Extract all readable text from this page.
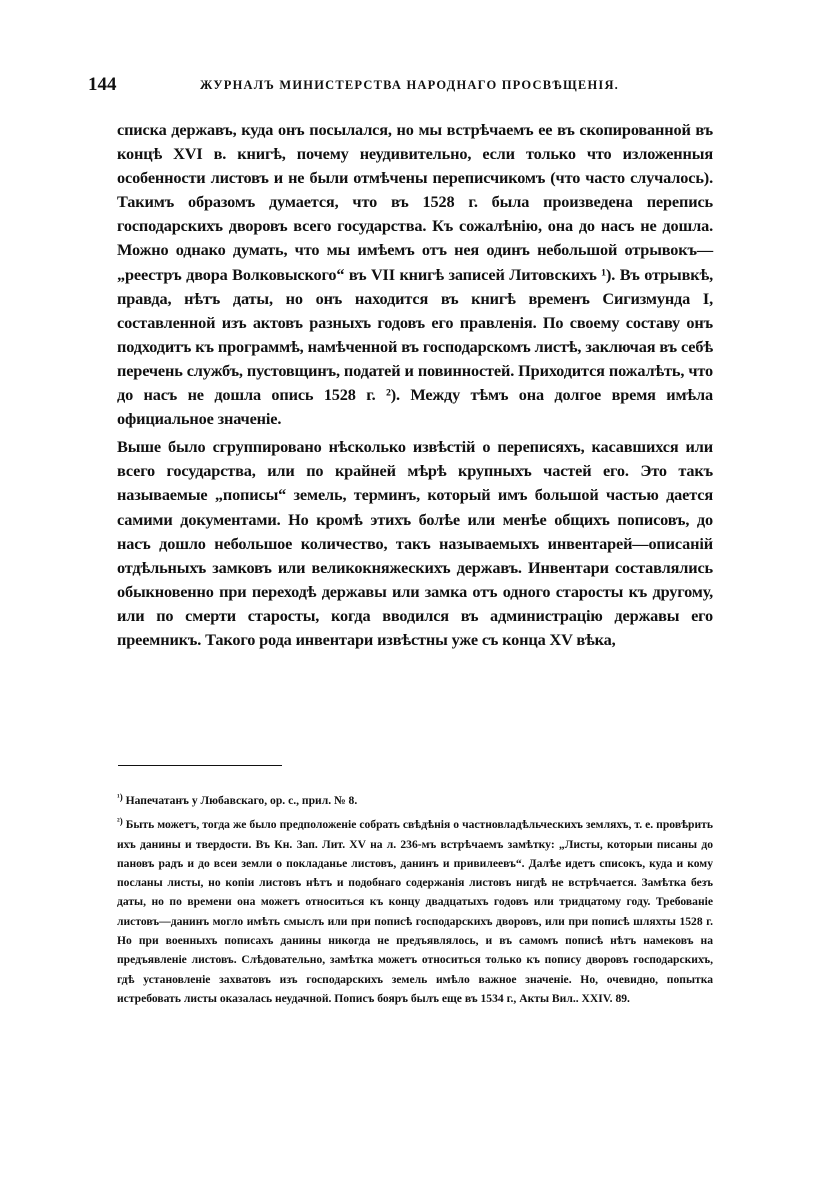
144	ЖУРНАЛЪ МИНИСТЕРСТВА НАРОДНАГО ПРОСВѢЩЕНІЯ.

списка державъ, куда онъ посылался, но мы встрѣчаемъ ее въ скопированной въ концѣ XVI в. книгѣ, почему неудивительно, если только что изложенныя особенности листовъ и не были отмѣчены переписчикомъ (что часто случалось). Такимъ образомъ думается, что въ 1528 г. была произведена перепись господарскихъ дворовъ всего государства. Къ сожалѣнію, она до насъ не дошла. Можно однако думать, что мы имѣемъ отъ нея одинъ небольшой отрывокъ—„реестръ двора Волковыского“ въ VII книгѣ записей Литовскихъ ¹). Въ отрывкѣ, правда, нѣтъ даты, но онъ находится въ книгѣ временъ Сигизмунда I, составленной изъ актовъ разныхъ годовъ его правленія. По своему составу онъ подходитъ къ программѣ, намѣченной въ господарскомъ листѣ, заключая въ себѣ перечень службъ, пустовщинъ, податей и повинностей. Приходится пожалѣть, что до насъ не дошла опись 1528 г. ²). Между тѣмъ она долгое время имѣла официальное значеніе.

Выше было сгруппировано нѣсколько извѣстій о переписяхъ, касавшихся или всего государства, или по крайней мѣрѣ крупныхъ частей его. Это такъ называемые „пописы“ земель, терминъ, который имъ большой частью дается самими документами. Но кромѣ этихъ болѣе или менѣе общихъ пописовъ, до насъ дошло небольшое количество, такъ называемыхъ инвентарей—описаній отдѣльныхъ замковъ или великокняжескихъ державъ. Инвентари составлялись обыкновенно при переходѣ державы или замка отъ одного старосты къ другому, или по смерти старосты, когда вводился въ администрацію державы его преемникъ. Такого рода инвентари извѣстны уже съ конца XV вѣка,

$^{^1)}$ Напечатанъ у Любавскаго, ор. с., прил. № 8.

$^{^2)}$ Быть можетъ, тогда же было предположеніе собрать свѣдѣнія о частновладѣльческихъ земляхъ, т. е. провѣрить ихъ данины и твердости. Въ Кн. Зап. Лит. XV на л. 236-мъ встрѣчаемъ замѣтку: „Листы, которыи писаны до пановъ радъ и до всеи земли о покладанье листовъ, данинъ и привилеевъ“. Далѣе идетъ списокъ, куда и кому посланы листы, но копіи листовъ нѣтъ и подобнаго содержанія листовъ нигдѣ не встрѣчается. Замѣтка безъ даты, но по времени она можетъ относиться къ концу двадцатыхъ годовъ или тридцатому году. Требованіе листовъ—данинъ могло имѣть смыслъ или при пописѣ господарскихъ дворовъ, или при пописѣ шляхты 1528 г. Но при военныхъ пописахъ данины никогда не предъявлялось, и въ самомъ пописѣ нѣтъ намековъ на предъявленіе листовъ. Слѣдовательно, замѣтка можетъ относиться только къ попису дворовъ господарскихъ, гдѣ установленіе захватовъ изъ господарскихъ земель имѣло важное значеніе. Но, очевидно, попытка истребовать листы оказалась неудачной. Пописъ бояръ былъ еще въ 1534 г., Акты Вил.. XXIV. 89.
